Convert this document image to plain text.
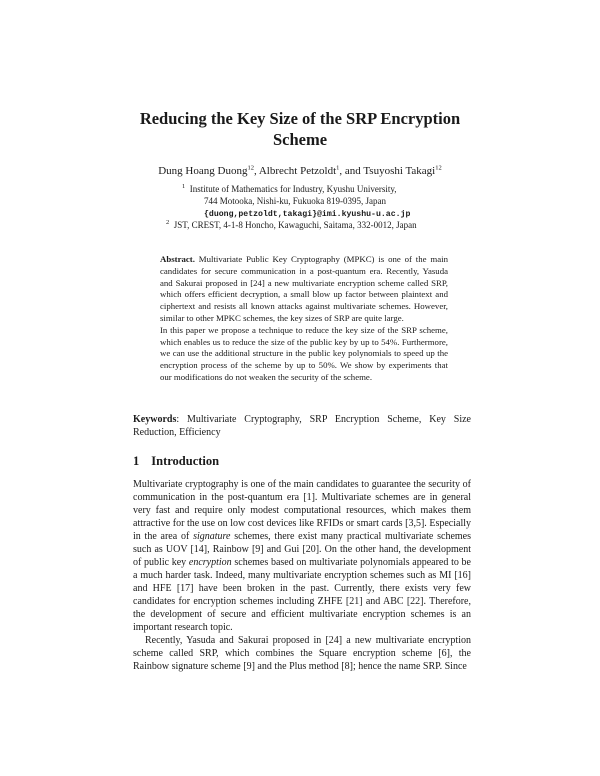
Reducing the Key Size of the SRP Encryption Scheme
Dung Hoang Duong$^{12}$, Albrecht Petzoldt$^1$, and Tsuyoshi Takagi$^{12}$
$^1$ Institute of Mathematics for Industry, Kyushu University,
744 Motooka, Nishi-ku, Fukuoka 819-0395, Japan
{duong,petzoldt,takagi}@imi.kyushu-u.ac.jp
$^2$ JST, CREST, 4-1-8 Honcho, Kawaguchi, Saitama, 332-0012, Japan

Abstract. Multivariate Public Key Cryptography (MPKC) is one of the main candidates for secure communication in a post-quantum era. Recently, Yasuda and Sakurai proposed in [24] a new multivariate encryption scheme called SRP, which offers efficient decryption, a small blow up factor between plaintext and ciphertext and resists all known attacks against multivariate schemes. However, similar to other MPKC schemes, the key sizes of SRP are quite large.

In this paper we propose a technique to reduce the key size of the SRP scheme, which enables us to reduce the size of the public key by up to 54%. Furthermore, we can use the additional structure in the public key polynomials to speed up the encryption process of the scheme by up to 50%. We show by experiments that our modifications do not weaken the security of the scheme.

Keywords: Multivariate Cryptography, SRP Encryption Scheme, Key Size Reduction, Efficiency
1 Introduction

Multivariate cryptography is one of the main candidates to guarantee the security of communication in the post-quantum era [1]. Multivariate schemes are in general very fast and require only modest computational resources, which makes them attractive for the use on low cost devices like RFIDs or smart cards [3,5]. Especially in the area of signature schemes, there exist many practical multivariate schemes such as UOV [14], Rainbow [9] and Gui [20]. On the other hand, the development of public key encryption schemes based on multivariate polynomials appeared to be a much harder task. Indeed, many multivariate encryption schemes such as MI [16] and HFE [17] have been broken in the past. Currently, there exists very few candidates for encryption schemes including ZHFE [21] and ABC [22]. Therefore, the development of secure and efficient multivariate encryption schemes is an important research topic.

Recently, Yasuda and Sakurai proposed in [24] a new multivariate encryption scheme called SRP, which combines the Square encryption scheme [6], the Rainbow signature scheme [9] and the Plus method [8]; hence the name SRP. Since
